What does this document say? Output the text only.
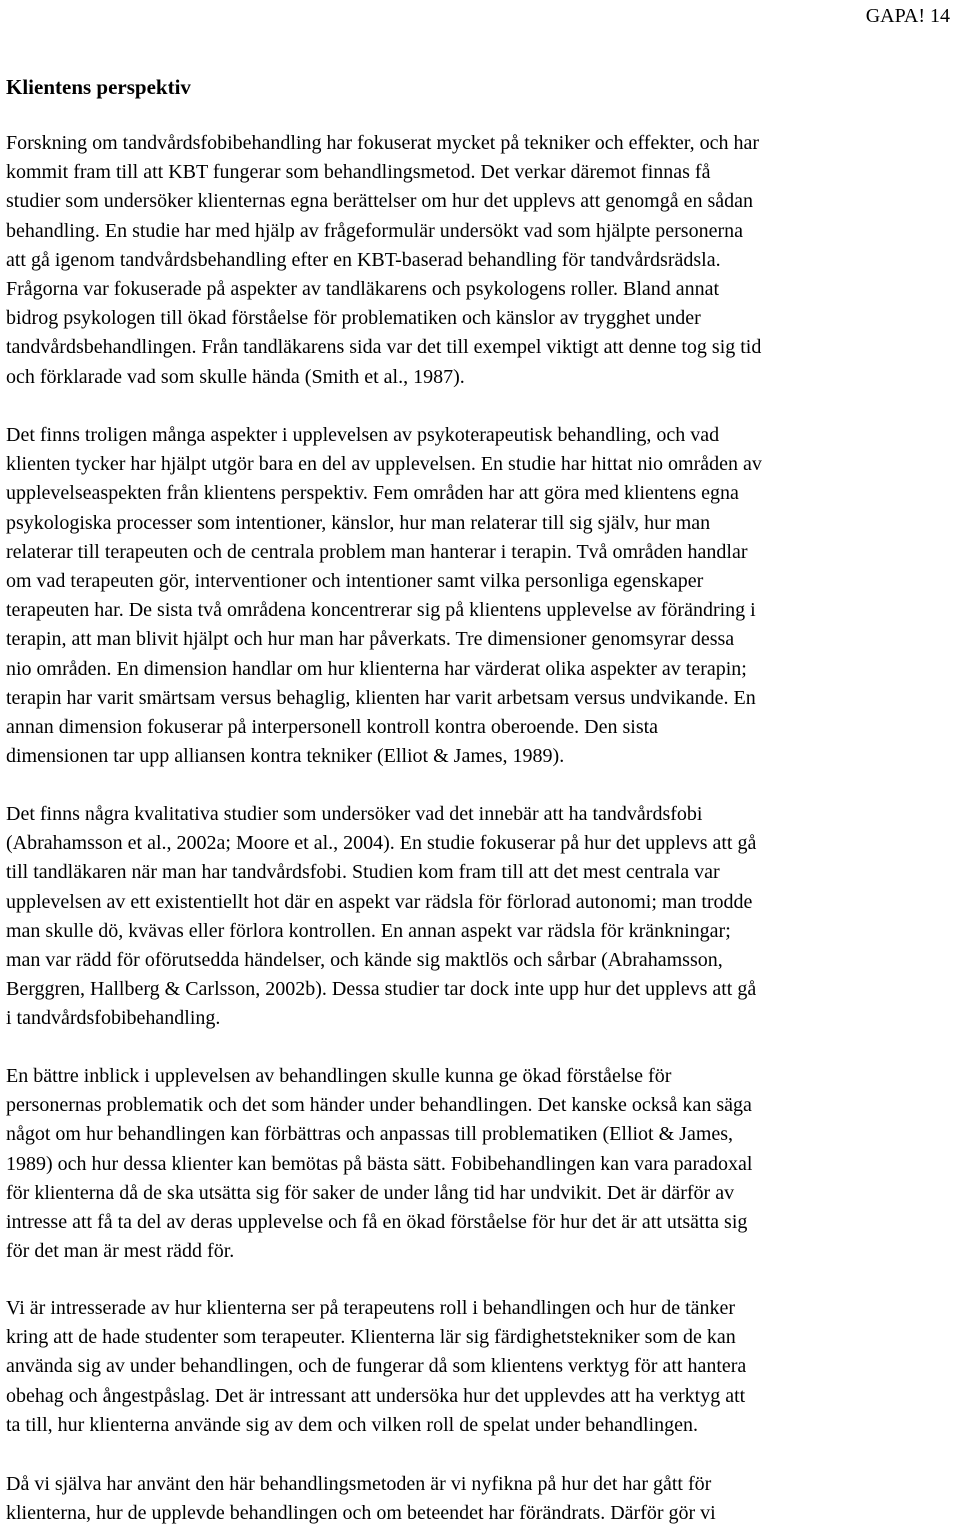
GAPA! 14
Klientens perspektiv

Forskning om tandvårdsfobibehandling har fokuserat mycket på tekniker och effekter, och har
kommit fram till att KBT fungerar som behandlingsmetod. Det verkar däremot finnas få
studier som undersöker klienternas egna berättelser om hur det upplevs att genomgå en sådan
behandling. En studie har med hjälp av frågeformulär undersökt vad som hjälpte personerna
att gå igenom tandvårdsbehandling efter en KBT-baserad behandling för tandvårdsrädsla.
Frågorna var fokuserade på aspekter av tandläkarens och psykologens roller. Bland annat
bidrog psykologen till ökad förståelse för problematiken och känslor av trygghet under
tandvårdsbehandlingen. Från tandläkarens sida var det till exempel viktigt att denne tog sig tid
och förklarade vad som skulle hända (Smith et al., 1987).

Det finns troligen många aspekter i upplevelsen av psykoterapeutisk behandling, och vad
klienten tycker har hjälpt utgör bara en del av upplevelsen. En studie har hittat nio områden av
upplevelseaspekten från klientens perspektiv. Fem områden har att göra med klientens egna
psykologiska processer som intentioner, känslor, hur man relaterar till sig själv, hur man
relaterar till terapeuten och de centrala problem man hanterar i terapin. Två områden handlar
om vad terapeuten gör, interventioner och intentioner samt vilka personliga egenskaper
terapeuten har. De sista två områdena koncentrerar sig på klientens upplevelse av förändring i
terapin, att man blivit hjälpt och hur man har påverkats. Tre dimensioner genomsyrar dessa
nio områden. En dimension handlar om hur klienterna har värderat olika aspekter av terapin;
terapin har varit smärtsam versus behaglig, klienten har varit arbetsam versus undvikande. En
annan dimension fokuserar på interpersonell kontroll kontra oberoende. Den sista
dimensionen tar upp alliansen kontra tekniker (Elliot & James, 1989).

Det finns några kvalitativa studier som undersöker vad det innebär att ha tandvårdsfobi
(Abrahamsson et al., 2002a; Moore et al., 2004). En studie fokuserar på hur det upplevs att gå
till tandläkaren när man har tandvårdsfobi. Studien kom fram till att det mest centrala var
upplevelsen av ett existentiellt hot där en aspekt var rädsla för förlorad autonomi; man trodde
man skulle dö, kvävas eller förlora kontrollen. En annan aspekt var rädsla för kränkningar;
man var rädd för oförutsedda händelser, och kände sig maktlös och sårbar (Abrahamsson,
Berggren, Hallberg & Carlsson, 2002b). Dessa studier tar dock inte upp hur det upplevs att gå
i tandvårdsfobibehandling.

En bättre inblick i upplevelsen av behandlingen skulle kunna ge ökad förståelse för
personernas problematik och det som händer under behandlingen. Det kanske också kan säga
något om hur behandlingen kan förbättras och anpassas till problematiken (Elliot & James,
1989) och hur dessa klienter kan bemötas på bästa sätt. Fobibehandlingen kan vara paradoxal
för klienterna då de ska utsätta sig för saker de under lång tid har undvikit. Det är därför av
intresse att få ta del av deras upplevelse och få en ökad förståelse för hur det är att utsätta sig
för det man är mest rädd för.

Vi är intresserade av hur klienterna ser på terapeutens roll i behandlingen och hur de tänker
kring att de hade studenter som terapeuter. Klienterna lär sig färdighetstekniker som de kan
använda sig av under behandlingen, och de fungerar då som klientens verktyg för att hantera
obehag och ångestpåslag. Det är intressant att undersöka hur det upplevdes att ha verktyg att
ta till, hur klienterna använde sig av dem och vilken roll de spelat under behandlingen.

Då vi själva har använt den här behandlingsmetoden är vi nyfikna på hur det har gått för
klienterna, hur de upplevde behandlingen och om beteendet har förändrats. Därför gör vi
